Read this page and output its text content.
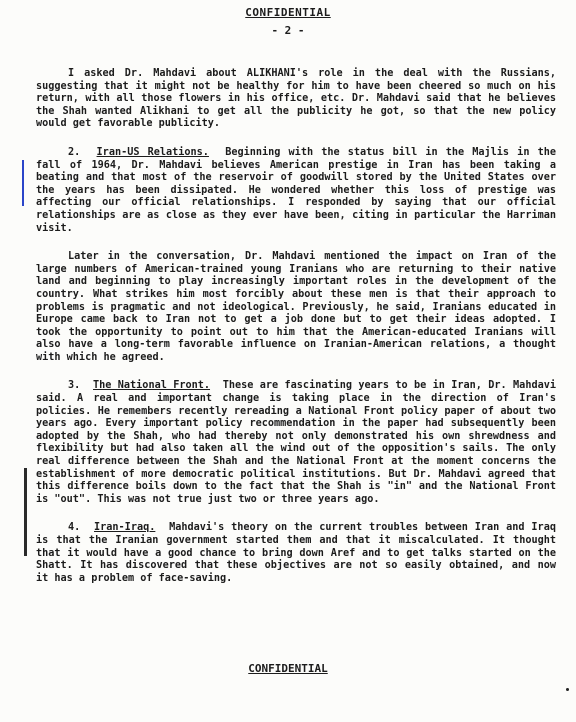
CONFIDENTIAL
- 2 -

I asked Dr. Mahdavi about ALIKHANI's role in the deal with the Russians, suggesting that it might not be healthy for him to have been cheered so much on his return, with all those flowers in his office, etc. Dr. Mahdavi said that he believes the Shah wanted Alikhani to get all the publicity he got, so that the new policy would get favorable publicity.

2. Iran-US Relations. Beginning with the status bill in the Majlis in the fall of 1964, Dr. Mahdavi believes American prestige in Iran has been taking a beating and that most of the reservoir of goodwill stored by the United States over the years has been dissipated. He wondered whether this loss of prestige was affecting our official relationships. I responded by saying that our official relationships are as close as they ever have been, citing in particular the Harriman visit.

Later in the conversation, Dr. Mahdavi mentioned the impact on Iran of the large numbers of American-trained young Iranians who are returning to their native land and beginning to play increasingly important roles in the development of the country. What strikes him most forcibly about these men is that their approach to problems is pragmatic and not ideological. Previously, he said, Iranians educated in Europe came back to Iran not to get a job done but to get their ideas adopted. I took the opportunity to point out to him that the American-educated Iranians will also have a long-term favorable influence on Iranian-American relations, a thought with which he agreed.

3. The National Front. These are fascinating years to be in Iran, Dr. Mahdavi said. A real and important change is taking place in the direction of Iran's policies. He remembers recently rereading a National Front policy paper of about two years ago. Every important policy recommendation in the paper had subsequently been adopted by the Shah, who had thereby not only demonstrated his own shrewdness and flexibility but had also taken all the wind out of the opposition's sails. The only real difference between the Shah and the National Front at the moment concerns the establishment of more democratic political institutions. But Dr. Mahdavi agreed that this difference boils down to the fact that the Shah is "in" and the National Front is "out". This was not true just two or three years ago.

4. Iran-Iraq. Mahdavi's theory on the current troubles between Iran and Iraq is that the Iranian government started them and that it miscalculated. It thought that it would have a good chance to bring down Aref and to get talks started on the Shatt. It has discovered that these objectives are not so easily obtained, and now it has a problem of face-saving.

CONFIDENTIAL
